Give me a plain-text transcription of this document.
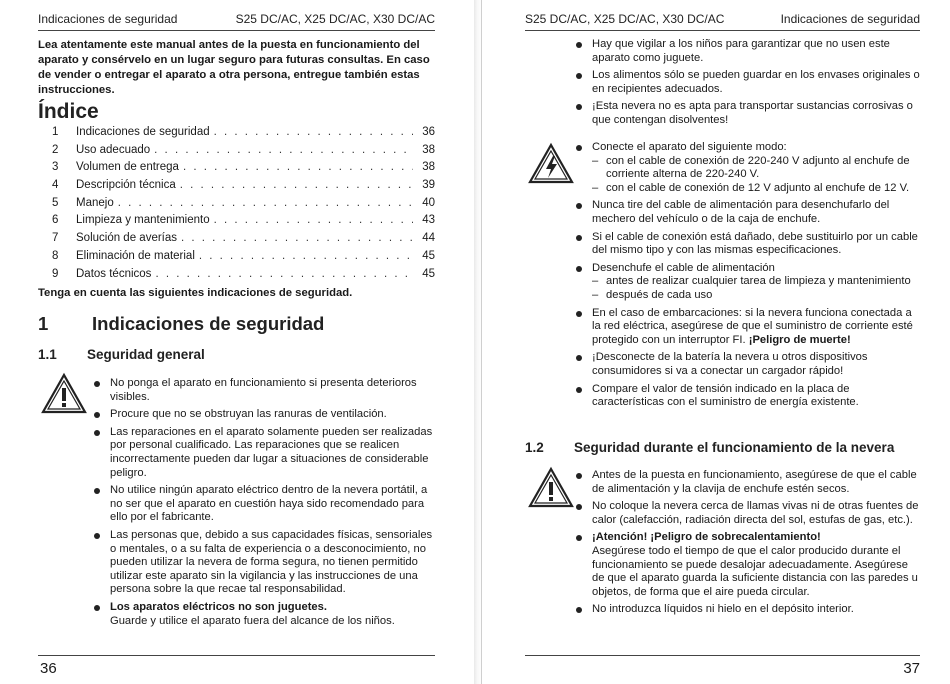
Indicaciones de seguridad	S25 DC/AC, X25 DC/AC, X30 DC/AC

Lea atentamente este manual antes de la puesta en funcionamiento del aparato y consérvelo en un lugar seguro para futuras consultas. En caso de vender o entregar el aparato a otra persona, entregue también estas instrucciones.

Índice
1	Indicaciones de seguridad . . .	36
2	Uso adecuado . . .	38
3	Volumen de entrega . . .	38
4	Descripción técnica . . .	39
5	Manejo . . .	40
6	Limpieza y mantenimiento . . .	43
7	Solución de averías . . .	44
8	Eliminación de material . . .	45
9	Datos técnicos . . .	45
Tenga en cuenta las siguientes indicaciones de seguridad.
1 Indicaciones de seguridad
1.1 Seguridad general
No ponga el aparato en funcionamiento si presenta deterioros visibles.
Procure que no se obstruyan las ranuras de ventilación.
Las reparaciones en el aparato solamente pueden ser realizadas por personal cualificado. Las reparaciones que se realicen incorrectamente pueden dar lugar a situaciones de considerable peligro.
No utilice ningún aparato eléctrico dentro de la nevera portátil, a no ser que el aparato en cuestión haya sido recomendado para ello por el fabricante.
Las personas que, debido a sus capacidades físicas, sensoriales o mentales, o a su falta de experiencia o a desconocimiento, no pueden utilizar la nevera de forma segura, no tienen permitido utilizar este aparato sin la vigilancia y las instrucciones de una persona sobre la que recae tal responsabilidad.
Los aparatos eléctricos no son juguetes.
Guarde y utilice el aparato fuera del alcance de los niños.
36
S25 DC/AC, X25 DC/AC, X30 DC/AC	Indicaciones de seguridad
Hay que vigilar a los niños para garantizar que no usen este aparato como juguete.
Los alimentos sólo se pueden guardar en los envases originales o en recipientes adecuados.
¡Esta nevera no es apta para transportar sustancias corrosivas o que contengan disolventes!
Conecte el aparato del siguiente modo:
– con el cable de conexión de 220-240 V adjunto al enchufe de corriente alterna de 220-240 V.
– con el cable de conexión de 12 V adjunto al enchufe de 12 V.
Nunca tire del cable de alimentación para desenchufarlo del mechero del vehículo o de la caja de enchufe.
Si el cable de conexión está dañado, debe sustituirlo por un cable del mismo tipo y con las mismas especificaciones.
Desenchufe el cable de alimentación
– antes de realizar cualquier tarea de limpieza y mantenimiento
– después de cada uso
En el caso de embarcaciones: si la nevera funciona conectada a la red eléctrica, asegúrese de que el suministro de corriente esté protegido con un interruptor FI. ¡Peligro de muerte!
¡Desconecte de la batería la nevera u otros dispositivos consumidores si va a conectar un cargador rápido!
Compare el valor de tensión indicado en la placa de características con el suministro de energía existente.
1.2 Seguridad durante el funcionamiento de la nevera
Antes de la puesta en funcionamiento, asegúrese de que el cable de alimentación y la clavija de enchufe estén secos.
No coloque la nevera cerca de llamas vivas ni de otras fuentes de calor (calefacción, radiación directa del sol, estufas de gas, etc.).
¡Atención! ¡Peligro de sobrecalentamiento!
Asegúrese todo el tiempo de que el calor producido durante el funcionamiento se puede desalojar adecuadamente. Asegúrese de que el aparato guarda la suficiente distancia con las paredes u objetos, de forma que el aire pueda circular.
No introduzca líquidos ni hielo en el depósito interior.
37
